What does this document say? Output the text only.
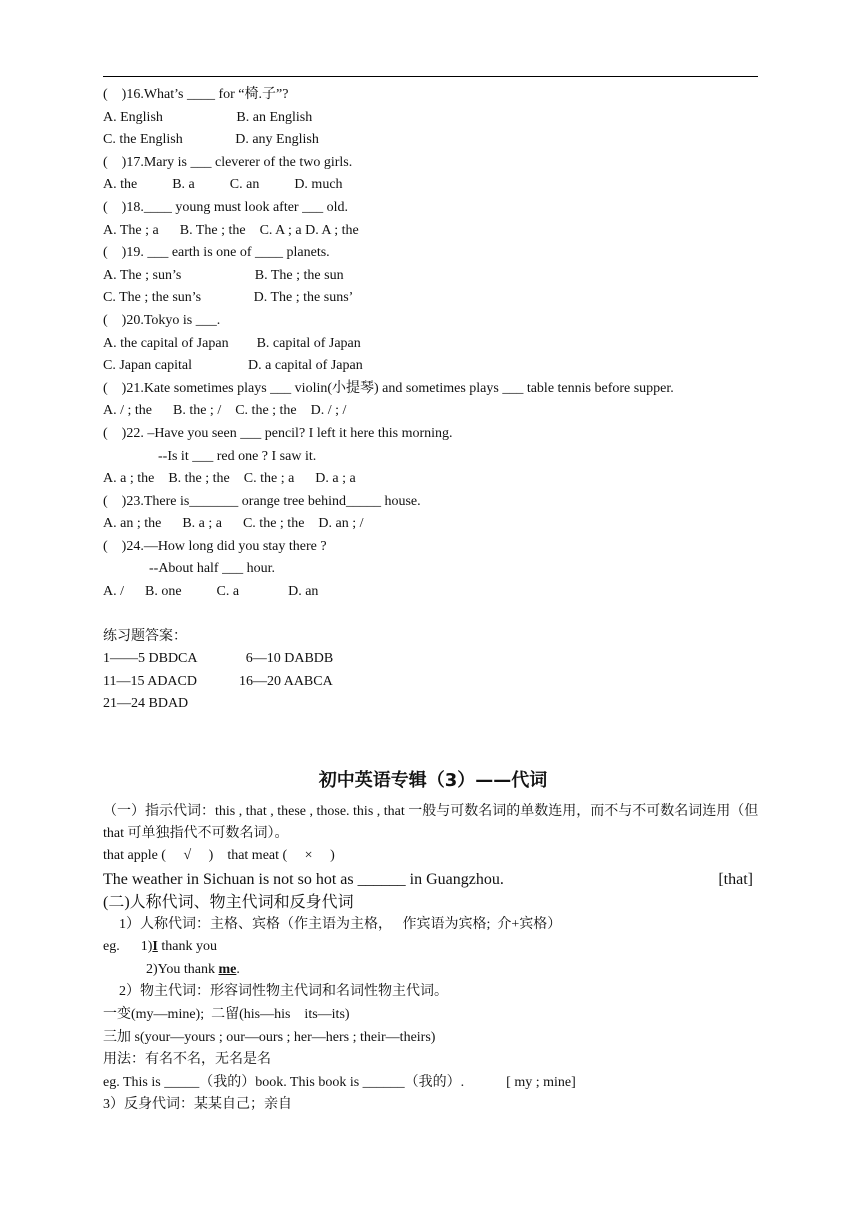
(    )16.What’s ____ for “椅.子”?
A. English                     B. an English
C. the English               D. any English
(    )17.Mary is ___ cleverer of the two girls.
A. the          B. a          C. an          D. much
(    )18.____ young must look after ___ old.
A. The ; a      B. The ; the    C. A ; a D. A ; the
(    )19. ___ earth is one of ____ planets.
A. The ; sun’s                     B. The ; the sun
C. The ; the sun’s               D. The ; the suns’
(    )20.Tokyo is ___.
A. the capital of Japan        B. capital of Japan
C. Japan capital                D. a capital of Japan
(    )21.Kate sometimes plays ___ violin(小提琴) and sometimes plays ___ table tennis before supper.
A. / ; the      B. the ; /    C. the ; the    D. / ; /
(    )22. –Have you seen ___ pencil? I left it here this morning.
--Is it ___ red one ? I saw it.
A. a ; the    B. the ; the    C. the ; a      D. a ; a
(    )23.There is_______ orange tree behind_____ house.
A. an ; the      B. a ; a      C. the ; the    D. an ; /
(    )24.—How long did you stay there ?
--About half ___ hour.
A. /      B. one          C. a              D. an
练习题答案：
1——5 DBDCA              6—10 DABDB
11—15 ADACD            16—20 AABCA
21—24 BDAD
初中英语专辑（3）——代词
（一）指示代词：this , that , these , those. this , that 一般与可数名词的单数连用，而不与不可数名词连用（但 that 可单独指代不可数名词）。
that apple (     √     )    that meat (     ×     )
The weather in Sichuan is not so hot as ______ in Guangzhou.	[that]
(二)人称代词、物主代词和反身代词
1）人称代词：主格、宾格（作主语为主格，   作宾语为宾格;  介+宾格）
eg.      1)I thank you
2)You thank me.
2）物主代词：形容词性物主代词和名词性物主代词。
一变(my—mine);  二留(his—his    its—its)
三加 s(your—yours ; our—ours ; her—hers ; their—theirs)
用法：有名不名，无名是名
eg. This is _____（我的）book. This book is ______（我的）.            [ my ; mine]
3）反身代词：某某自己；亲自
